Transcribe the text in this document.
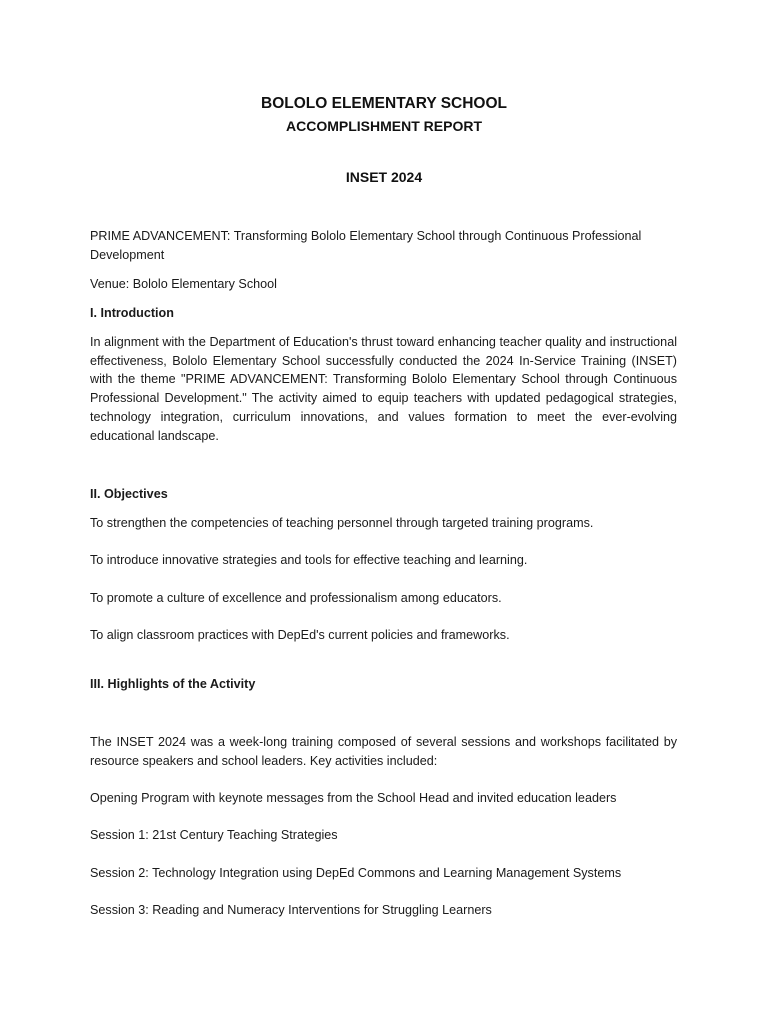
BOLOLO ELEMENTARY SCHOOL

ACCOMPLISHMENT REPORT

INSET 2024

PRIME ADVANCEMENT: Transforming Bololo Elementary School through Continuous Professional Development

Venue: Bololo Elementary School

I. Introduction

In alignment with the Department of Education's thrust toward enhancing teacher quality and instructional effectiveness, Bololo Elementary School successfully conducted the 2024 In-Service Training (INSET) with the theme "PRIME ADVANCEMENT: Transforming Bololo Elementary School through Continuous Professional Development." The activity aimed to equip teachers with updated pedagogical strategies, technology integration, curriculum innovations, and values formation to meet the ever-evolving educational landscape.

II. Objectives

To strengthen the competencies of teaching personnel through targeted training programs.

To introduce innovative strategies and tools for effective teaching and learning.

To promote a culture of excellence and professionalism among educators.

To align classroom practices with DepEd's current policies and frameworks.

III. Highlights of the Activity

The INSET 2024 was a week-long training composed of several sessions and workshops facilitated by resource speakers and school leaders. Key activities included:

Opening Program with keynote messages from the School Head and invited education leaders

Session 1: 21st Century Teaching Strategies

Session 2: Technology Integration using DepEd Commons and Learning Management Systems

Session 3: Reading and Numeracy Interventions for Struggling Learners
